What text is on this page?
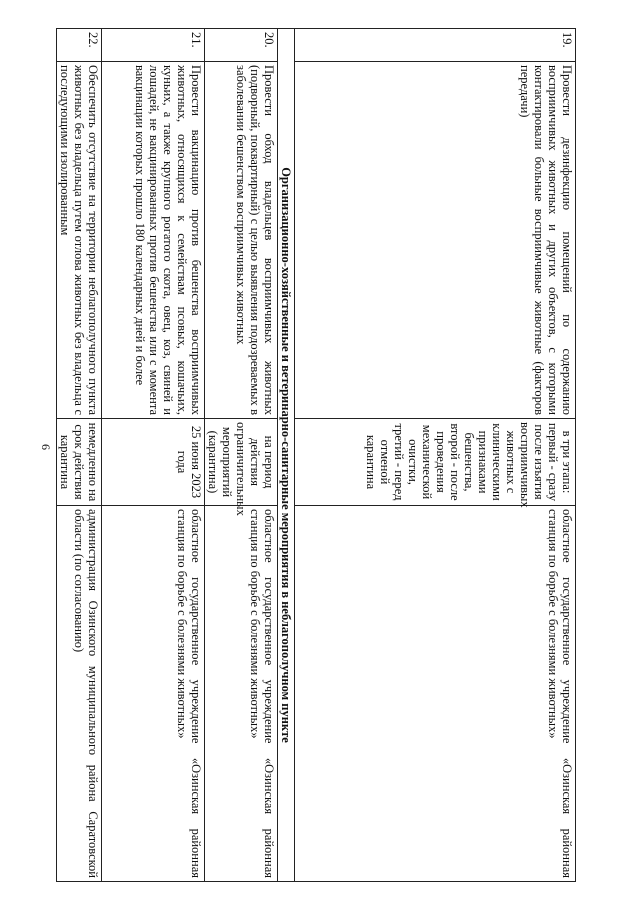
6
19.	Провести дезинфекцию помещений по содержанию восприимчивых животных и других объектов, с которыми контактировали больные восприимчивые животные (факторов передачи)	в три этапа: первый - сразу после изъятия восприимчивых животных с клиническими признаками бешенства, второй - после проведения механической очистки, третий - перед отменой карантина	областное государственное учреждение «Озинская районная станция по борьбе с болезнями животных»
Организационно-хозяйственные и ветеринарно-санитарные мероприятия в неблагополучном пункте			
20.	Провести обход владельцев восприимчивых животных (подворный, поквартирный) с целью выявления подозреваемых в заболевании бешенством восприимчивых животных	на период действия ограничительных мероприятий (карантина)	областное государственное учреждение «Озинская районная станция по борьбе с болезнями животных»
21.	Провести вакцинацию против бешенства восприимчивых животных, относящихся к семействам псовых, кошачьих, куньих, а также крупного рогатого скота, овец, коз, свиней и лошадей, не вакцинированных против бешенства или с момента вакцинации которых прошло 180 календарных дней и более	25 июня 2023 года	областное государственное учреждение «Озинская районная станция по борьбе с болезнями животных»
22.	Обеспечить отсутствие на территории неблагополучного пункта животных без владельца путем отлова животных без владельца с последующими изолированным	немедленно на срок действия карантина	администрация Озинского муниципального района Саратовской области (по согласованию)
